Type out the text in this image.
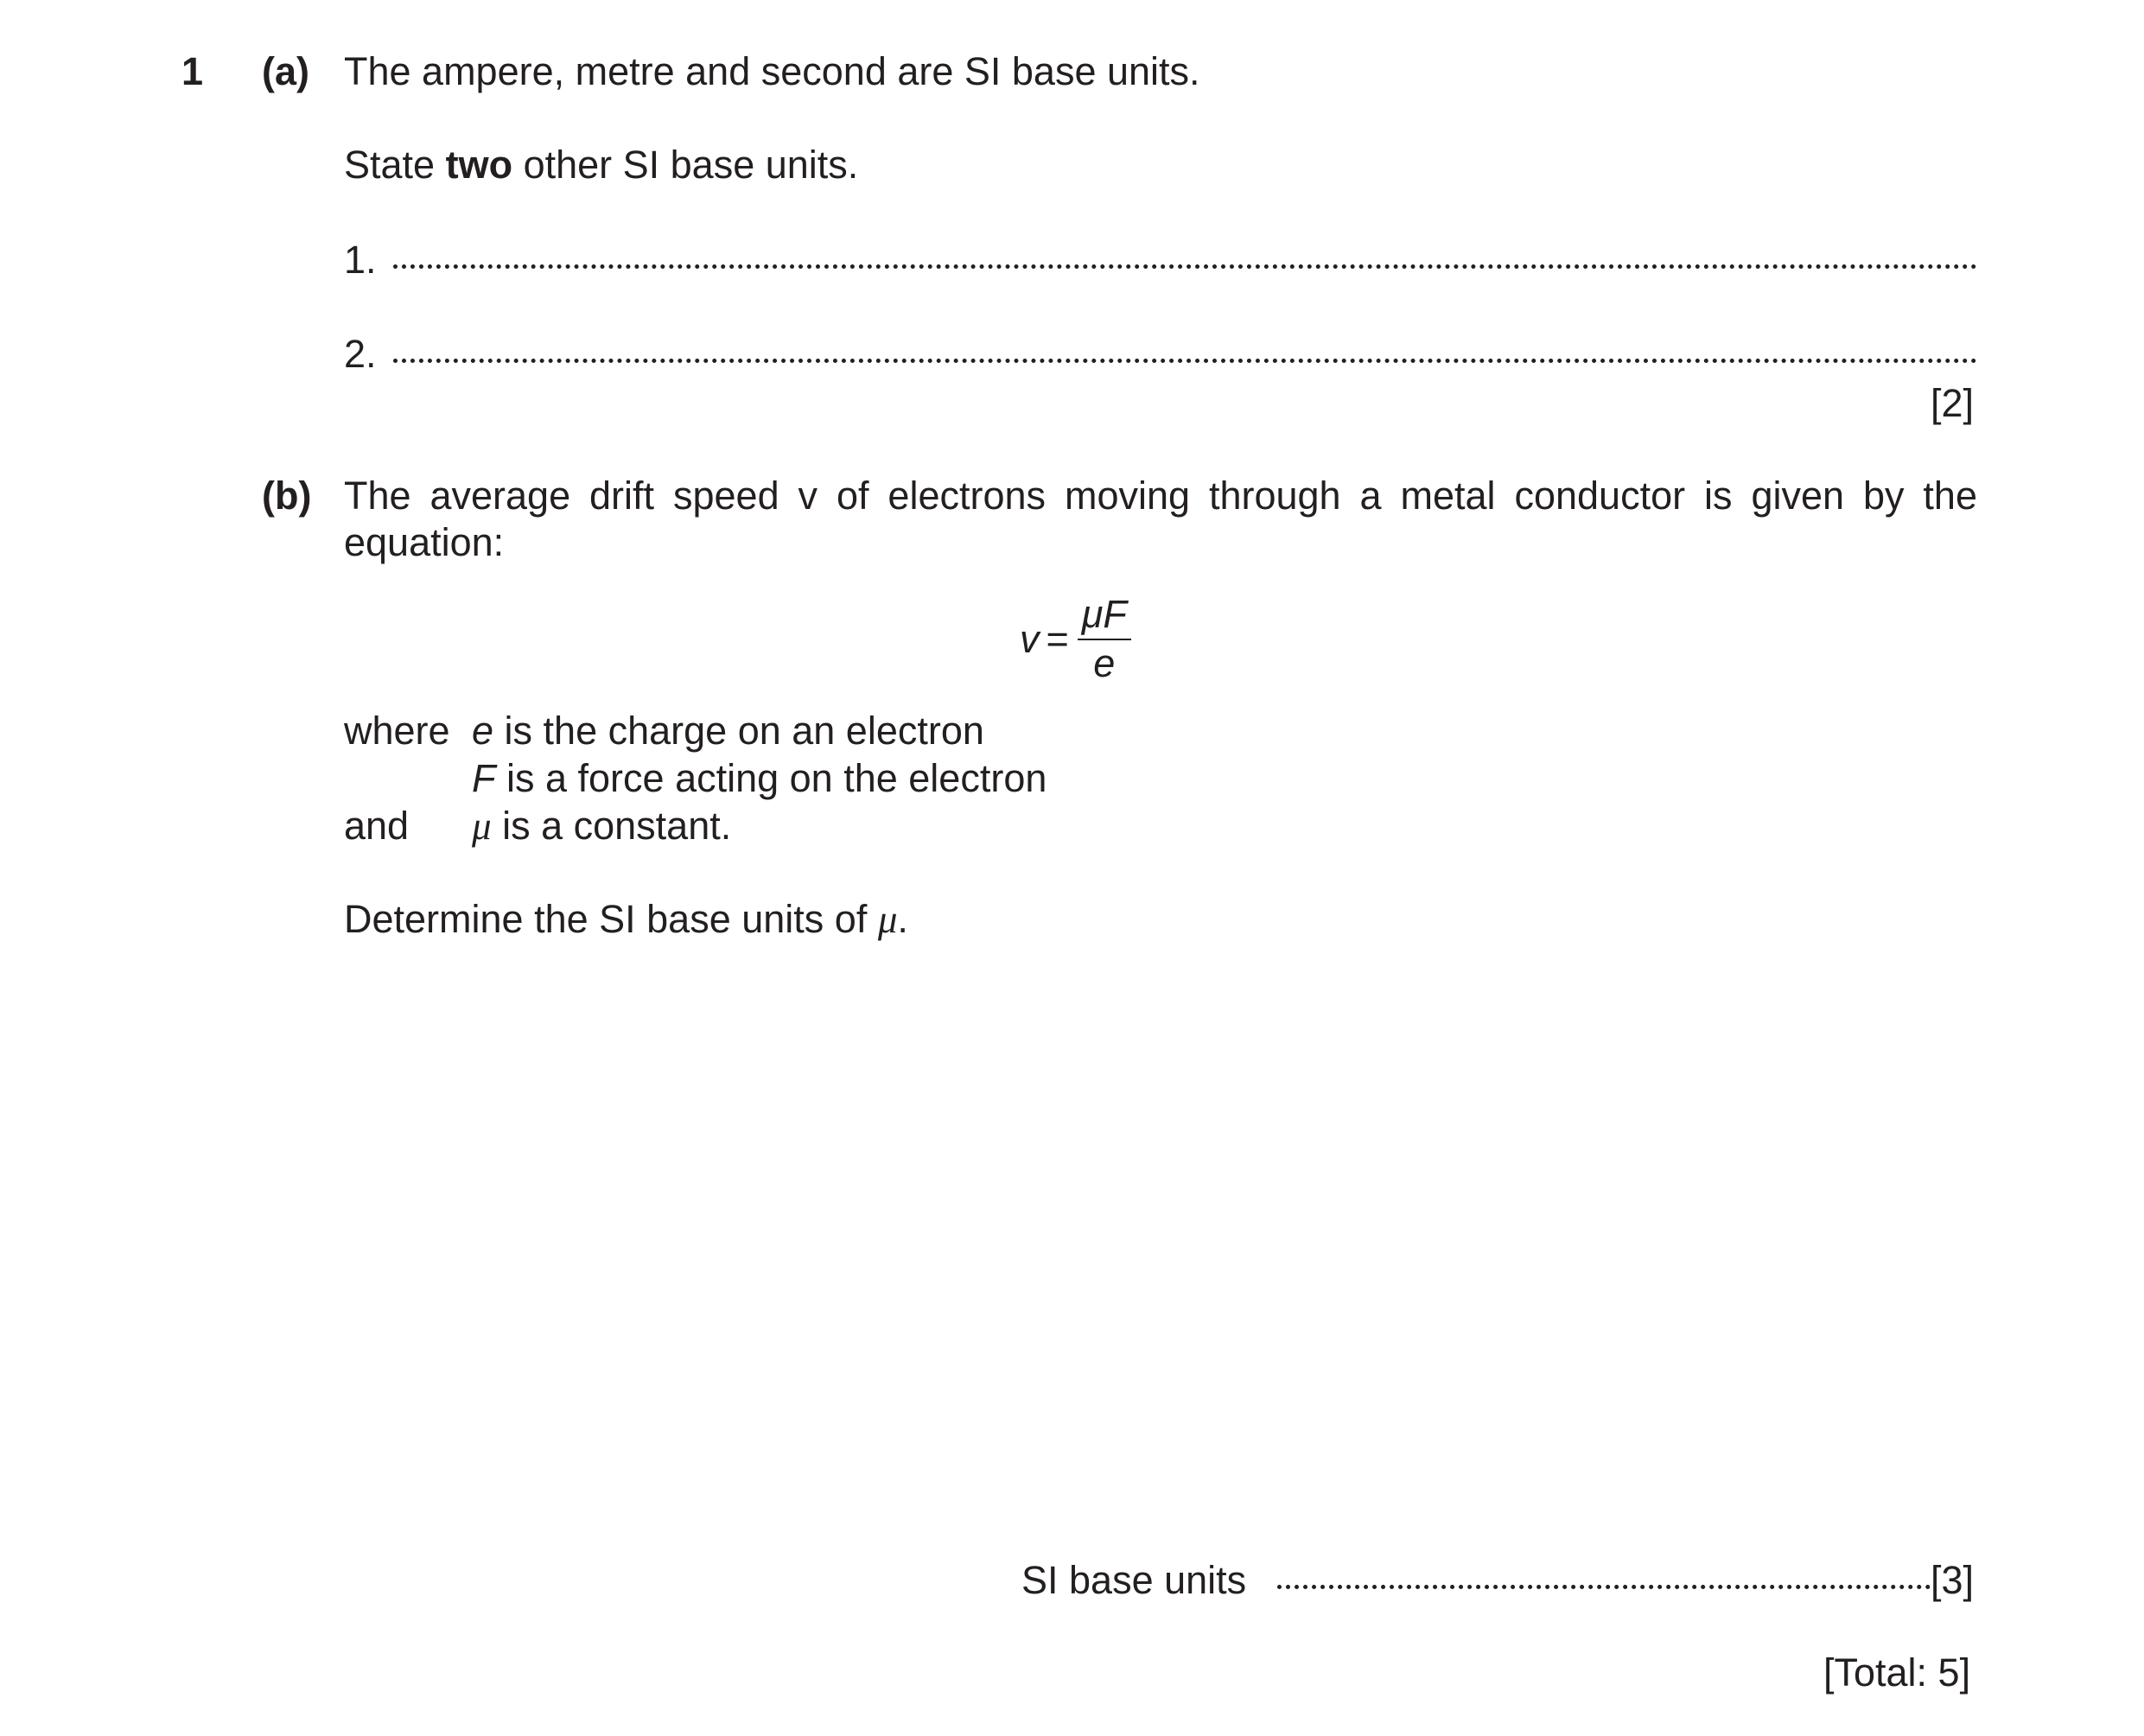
1 (a) The ampere, metre and second are SI base units.
State two other SI base units.
1.
2.
[2]
(b) The average drift speed v of electrons moving through a metal conductor is given by the
equation:
$v = \frac{\mu F}{e}$
where e is the charge on an electron
F is a force acting on the electron
and μ is a constant.
Determine the SI base units of μ.
SI base units	[3]
[Total: 5]
